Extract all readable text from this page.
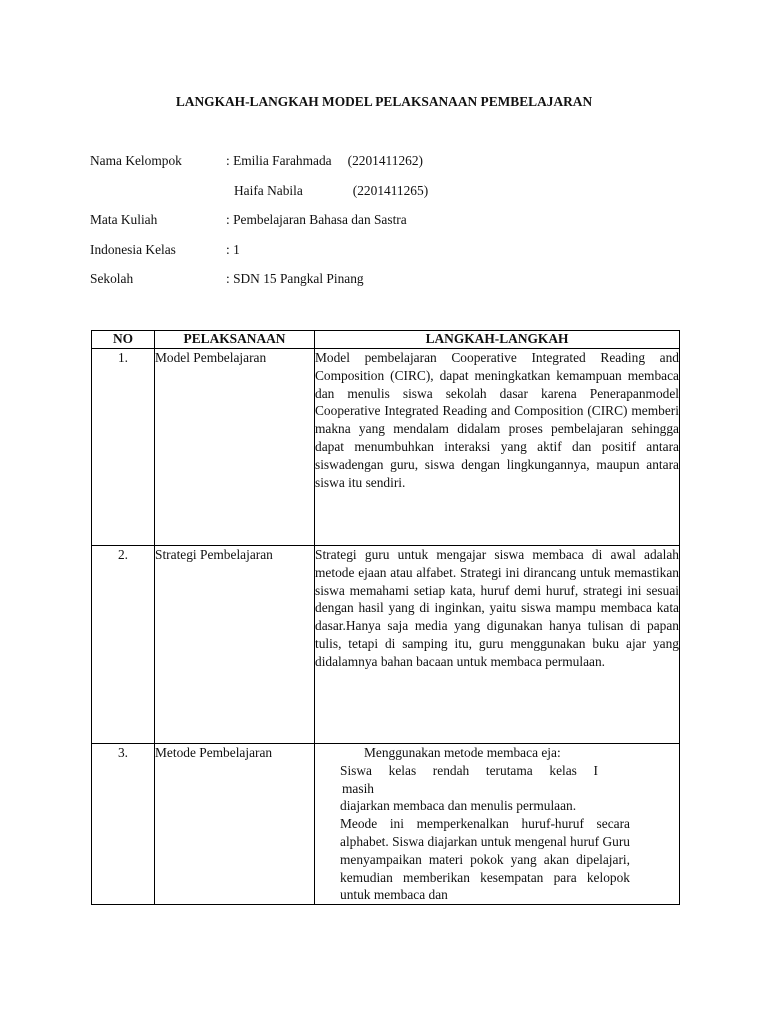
LANGKAH-LANGKAH MODEL PELAKSANAAN PEMBELAJARAN
Nama Kelompok	: Emilia Farahmada (2201411262)
Haifa Nabila	(2201411265)
Mata Kuliah	: Pembelajaran Bahasa dan Sastra
Indonesia Kelas	: 1
Sekolah	: SDN 15 Pangkal Pinang
NO	PELAKSANAAN	LANGKAH-LANGKAH
1.	Model Pembelajaran	Model pembelajaran Cooperative Integrated Reading and Composition (CIRC), dapat meningkatkan kemampuan membaca dan menulis siswa sekolah dasar karena Penerapanmodel Cooperative Integrated Reading and Composition (CIRC) memberi makna yang mendalam didalam proses pembelajaran sehingga dapat menumbuhkan interaksi yang aktif dan positif antara siswadengan guru, siswa dengan lingkungannya, maupun antara siswa itu sendiri.
2.	Strategi Pembelajaran	Strategi guru untuk mengajar siswa membaca di awal adalah metode ejaan atau alfabet. Strategi ini dirancang untuk memastikan siswa memahami setiap kata, huruf demi huruf, strategi ini sesuai dengan hasil yang di inginkan, yaitu siswa mampu membaca kata dasar.Hanya saja media yang digunakan hanya tulisan di papan tulis, tetapi di samping itu, guru menggunakan buku ajar yang didalamnya bahan bacaan untuk membaca permulaan.
3.	Metode Pembelajaran	Menggunakan metode membaca eja:
Siswa kelas rendah terutama kelas I
masih
diajarkan membaca dan menulis permulaan.
Meode ini memperkenalkan huruf-huruf secara alphabet. Siswa diajarkan untuk mengenal huruf Guru menyampaikan materi pokok yang akan dipelajari, kemudian memberikan kesempatan para kelopok untuk membaca dan
